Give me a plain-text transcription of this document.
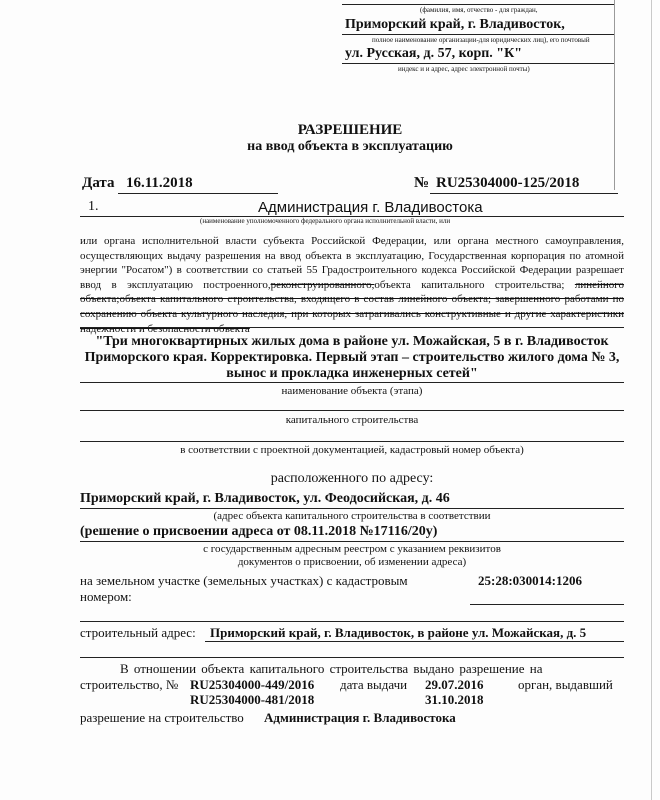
(фамилия, имя, отчество - для граждан,
Приморский край, г. Владивосток,
полное наименование организации-для юридических лиц), его почтовый
ул. Русская, д. 57, корп. "К"
индекс и и адрес, адрес электронной почты)
РАЗРЕШЕНИЕ
на ввод объекта в эксплуатацию
Дата 16.11.2018	№ RU25304000-125/2018
1.	Администрация г. Владивостока
(наименование уполномоченного федерального органа исполнительной власти, или
или органа исполнительной власти субъекта Российской Федерации, или органа местного самоуправления, осуществляющих выдачу разрешения на ввод объекта в эксплуатацию, Государственная корпорация по атомной энергии "Росатом") в соответствии со статьей 55 Градостроительного кодекса Российской Федерации разрешает ввод в эксплуатацию построенного,реконструированного,объекта капитального строительства; линейного объекта;объекта капитального строительства, входящего в состав линейного объекта; завершенного работами по сохранению объекта культурного наследия, при которых затрагивались конструктивные и другие характеристики надежности и безопасности объекта
"Три многоквартирных жилых дома в районе ул. Можайская, 5 в г. Владивосток
Приморского края. Корректировка. Первый этап – строительство жилого дома № 3,
вынос и прокладка инженерных сетей"
наименование объекта (этапа)
капитального строительства
в соответствии с проектной документацией, кадастровый номер объекта)
расположенного по адресу:
Приморский край, г. Владивосток, ул. Феодосийская, д. 46
(адрес объекта капитального строительства в соответствии
(решение о присвоении адреса от 08.11.2018 №17116/20у)
с государственным адресным реестром с указанием реквизитов
документов о присвоении, об изменении адреса)
на земельном участке (земельных участках) с кадастровым
номером:
25:28:030014:1206
строительный адрес: Приморский край, г. Владивосток, в районе ул. Можайская, д. 5
В отношении объекта капитального строительства выдано разрешение на
строительство, № RU25304000-449/2016 дата выдачи 29.07.2016	орган, выдавший
RU25304000-481/2018	31.10.2018
разрешение на строительство Администрация г. Владивостока
